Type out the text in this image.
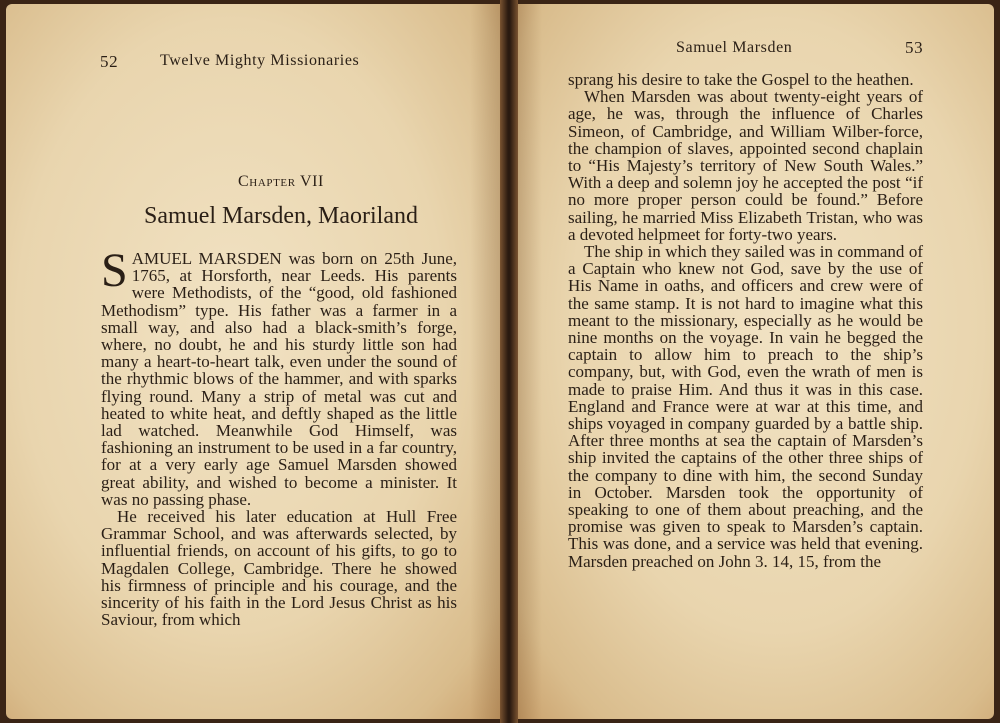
52	Twelve Mighty Missionaries
Samuel Marsden	53
Chapter VII
Samuel Marsden, Maoriland

SAMUEL MARSDEN was born on 25th June, 1765, at Horsforth, near Leeds. His parents were Methodists, of the “good, old fashioned Methodism” type. His father was a farmer in a small way, and also had a black-smith’s forge, where, no doubt, he and his sturdy little son had many a heart-to-heart talk, even under the sound of the rhythmic blows of the hammer, and with sparks flying round. Many a strip of metal was cut and heated to white heat, and deftly shaped as the little lad watched. Meanwhile God Himself, was fashioning an instrument to be used in a far country, for at a very early age Samuel Marsden showed great ability, and wished to become a minister. It was no passing phase.

He received his later education at Hull Free Grammar School, and was afterwards selected, by influential friends, on account of his gifts, to go to Magdalen College, Cambridge. There he showed his firmness of principle and his courage, and the sincerity of his faith in the Lord Jesus Christ as his Saviour, from which

sprang his desire to take the Gospel to the heathen.

When Marsden was about twenty-eight years of age, he was, through the influence of Charles Simeon, of Cambridge, and William Wilber-force, the champion of slaves, appointed second chaplain to “His Majesty’s territory of New South Wales.” With a deep and solemn joy he accepted the post “if no more proper person could be found.” Before sailing, he married Miss Elizabeth Tristan, who was a devoted helpmeet for forty-two years.

The ship in which they sailed was in command of a Captain who knew not God, save by the use of His Name in oaths, and officers and crew were of the same stamp. It is not hard to imagine what this meant to the missionary, especially as he would be nine months on the voyage. In vain he begged the captain to allow him to preach to the ship’s company, but, with God, even the wrath of men is made to praise Him. And thus it was in this case. England and France were at war at this time, and ships voyaged in company guarded by a battle ship. After three months at sea the captain of Marsden’s ship invited the captains of the other three ships of the company to dine with him, the second Sunday in October. Marsden took the opportunity of speaking to one of them about preaching, and the promise was given to speak to Marsden’s captain. This was done, and a service was held that evening. Marsden preached on John 3. 14, 15, from the
